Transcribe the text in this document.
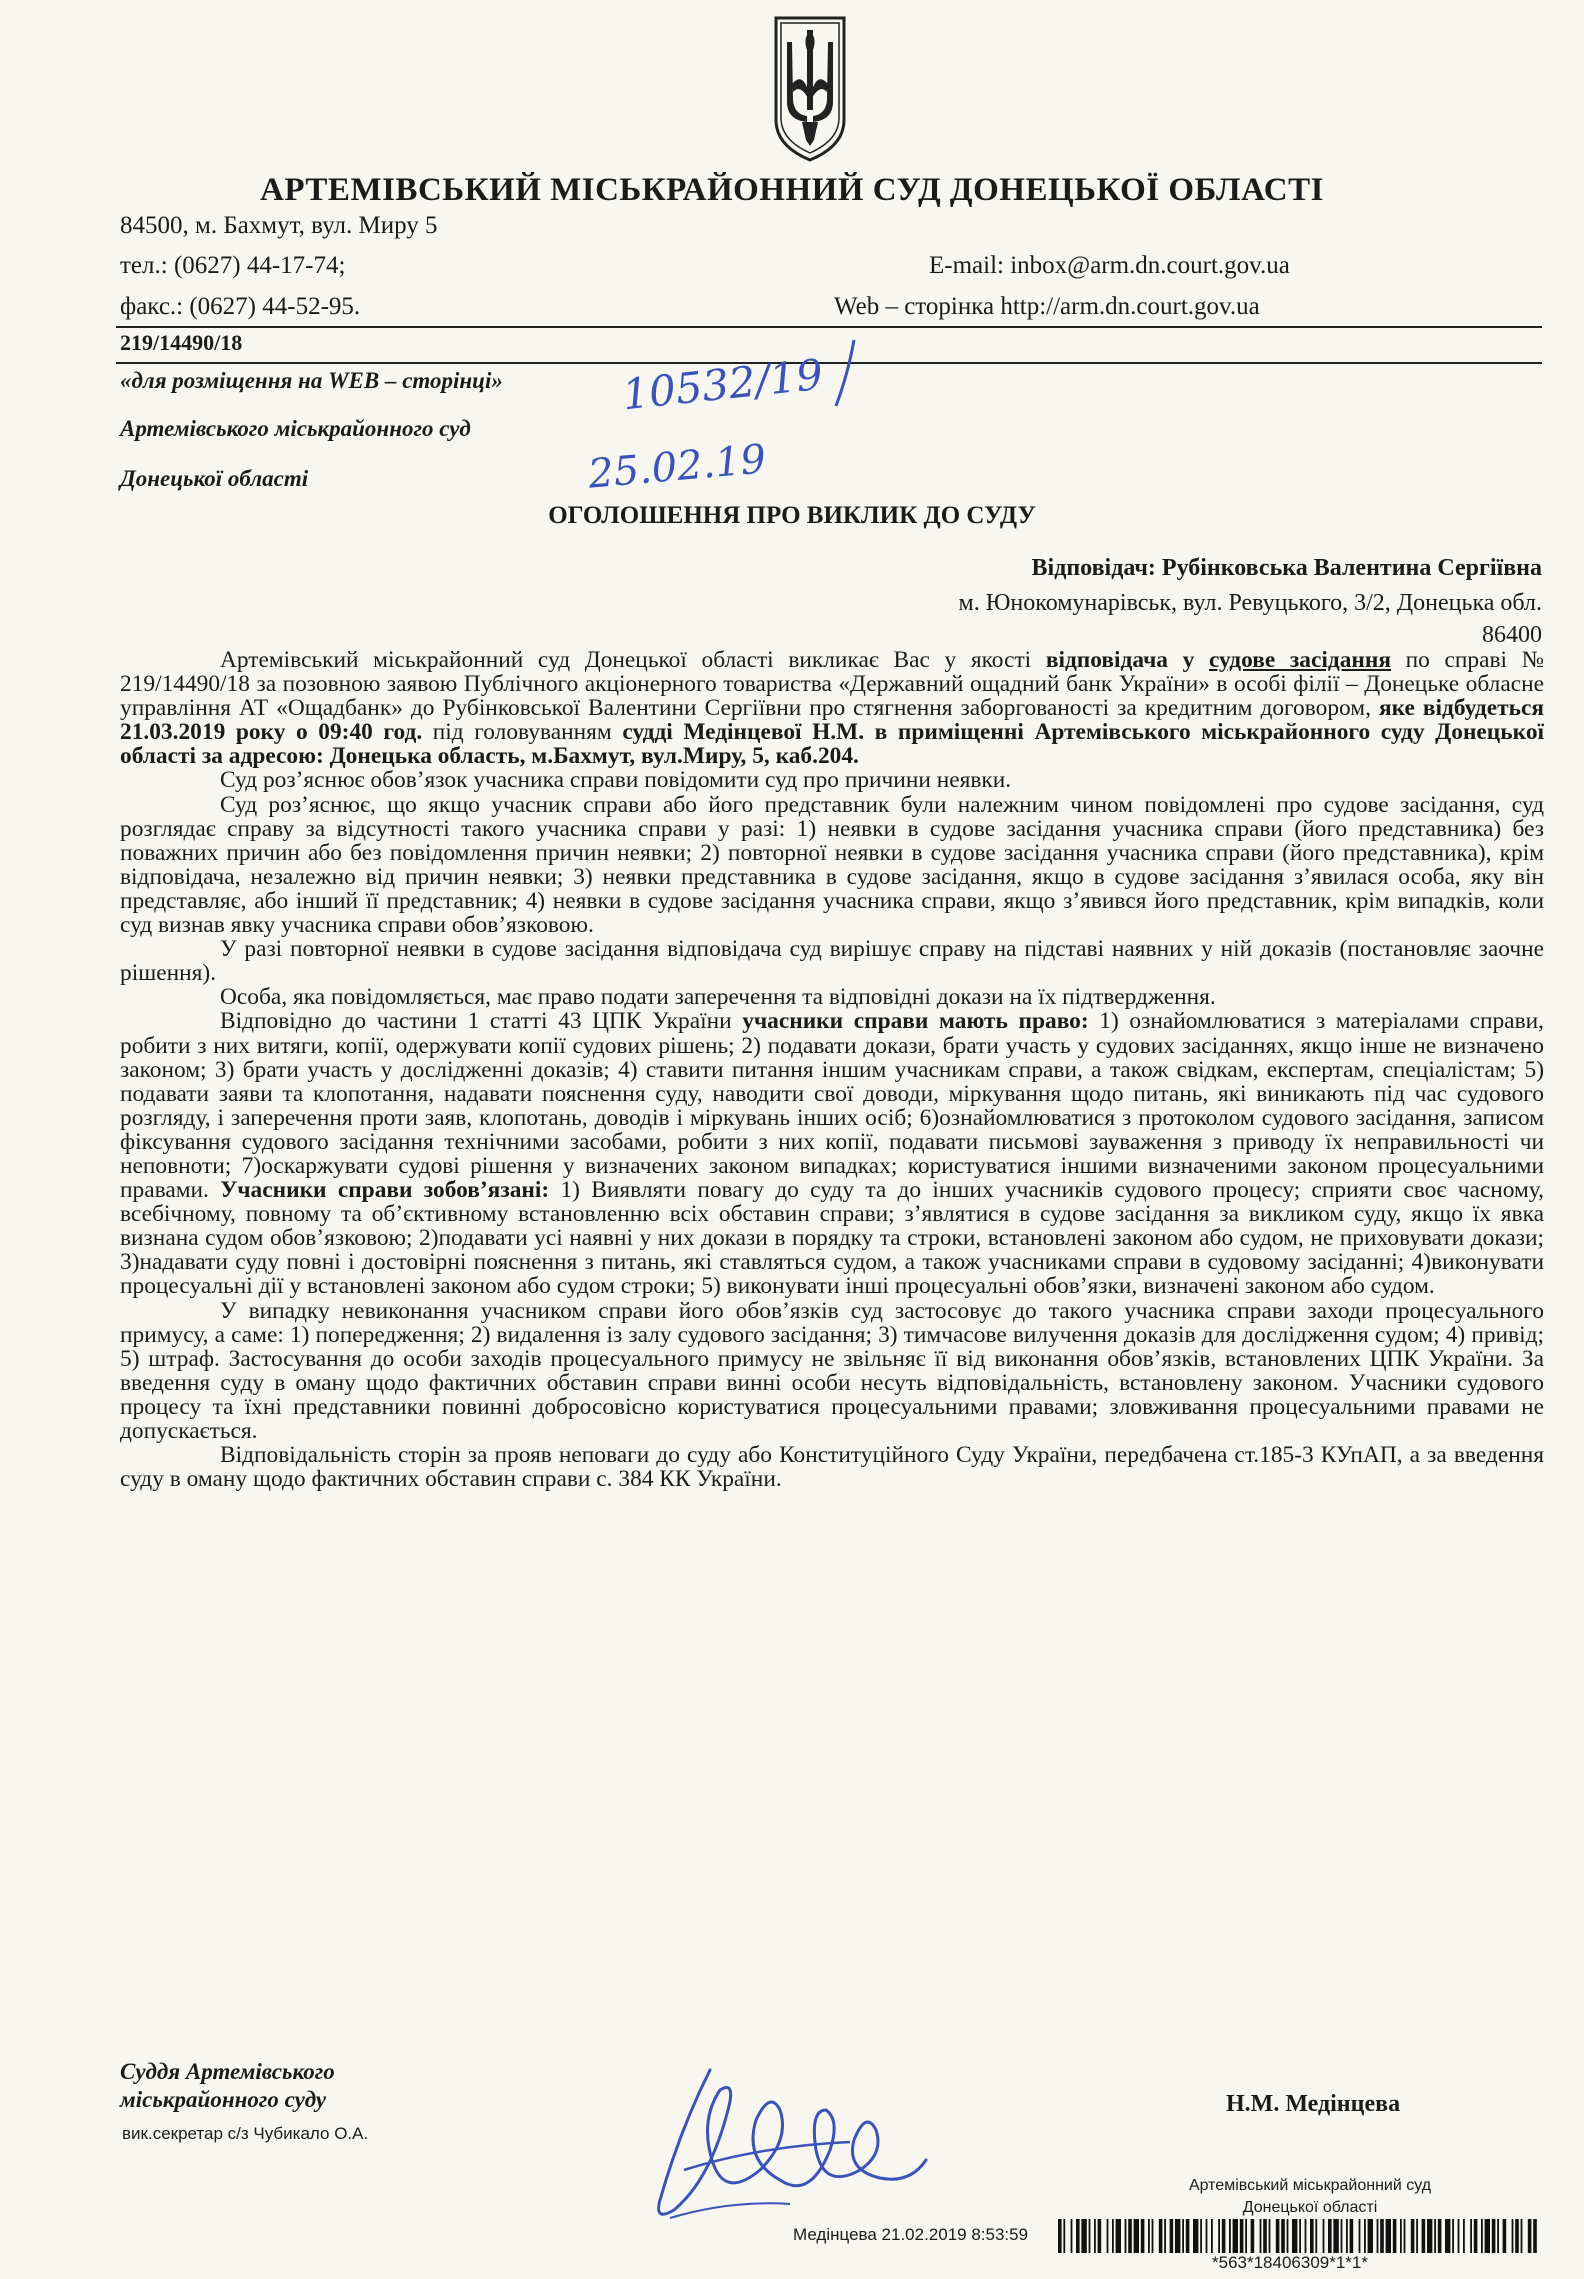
АРТЕМІВСЬКИЙ МІСЬКРАЙОННИЙ СУД ДОНЕЦЬКОЇ ОБЛАСТІ
84500, м. Бахмут, вул. Миру 5
тел.: (0627) 44-17-74;	E-mail: inbox@arm.dn.court.gov.ua
факс.: (0627) 44-52-95.	Web – сторінка http://arm.dn.court.gov.ua
219/14490/18
«для розміщення на WEB – сторінці»
Артемівського міськрайонного суд
Донецької області
10532/19
25.02.19
ОГОЛОШЕННЯ ПРО ВИКЛИК ДО СУДУ
Відповідач: Рубінковська Валентина Сергіївна
м. Юнокомунарівськ, вул. Ревуцького, 3/2, Донецька обл.
86400

Артемівський міськрайонний суд Донецької області викликає Вас у якості відповідача у судове засідання по справі № 219/14490/18 за позовною заявою Публічного акціонерного товариства «Державний ощадний банк України» в особі філії – Донецьке обласне управління АТ «Ощадбанк» до Рубінковської Валентини Сергіївни про стягнення заборгованості за кредитним договором, яке відбудеться 21.03.2019 року о 09:40 год. під головуванням судді Медінцевої Н.М. в приміщенні Артемівського міськрайонного суду Донецької області за адресою: Донецька область, м.Бахмут, вул.Миру, 5, каб.204.

Суд роз’яснює обов’язок учасника справи повідомити суд про причини неявки.

Суд роз’яснює, що якщо учасник справи або його представник були належним чином повідомлені про судове засідання, суд розглядає справу за відсутності такого учасника справи у разі: 1) неявки в судове засідання учасника справи (його представника) без поважних причин або без повідомлення причин неявки; 2) повторної неявки в судове засідання учасника справи (його представника), крім відповідача, незалежно від причин неявки; 3) неявки представника в судове засідання, якщо в судове засідання з’явилася особа, яку він представляє, або інший її представник; 4) неявки в судове засідання учасника справи, якщо з’явився його представник, крім випадків, коли суд визнав явку учасника справи обов’язковою.

У разі повторної неявки в судове засідання відповідача суд вирішує справу на підставі наявних у ній доказів (постановляє заочне рішення).

Особа, яка повідомляється, має право подати заперечення та відповідні докази на їх підтвердження.

Відповідно до частини 1 статті 43 ЦПК України учасники справи мають право: 1) ознайомлюватися з матеріалами справи, робити з них витяги, копії, одержувати копії судових рішень; 2) подавати докази, брати участь у судових засіданнях, якщо інше не визначено законом; 3) брати участь у дослідженні доказів; 4) ставити питання іншим учасникам справи, а також свідкам, експертам, спеціалістам; 5) подавати заяви та клопотання, надавати пояснення суду, наводити свої доводи, міркування щодо питань, які виникають під час судового розгляду, і заперечення проти заяв, клопотань, доводів і міркувань інших осіб; 6)ознайомлюватися з протоколом судового засідання, записом фіксування судового засідання технічними засобами, робити з них копії, подавати письмові зауваження з приводу їх неправильності чи неповноти; 7)оскаржувати судові рішення у визначених законом випадках; користуватися іншими визначеними законом процесуальними правами. Учасники справи зобов’язані: 1) Виявляти повагу до суду та до інших учасників судового процесу; сприяти своє часному, всебічному, повному та об’єктивному встановленню всіх обставин справи; з’являтися в судове засідання за викликом суду, якщо їх явка визнана судом обов’язковою; 2)подавати усі наявні у них докази в порядку та строки, встановлені законом або судом, не приховувати докази; 3)надавати суду повні і достовірні пояснення з питань, які ставляться судом, а також учасниками справи в судовому засіданні; 4)виконувати процесуальні дії у встановлені законом або судом строки; 5) виконувати інші процесуальні обов’язки, визначені законом або судом.

У випадку невиконання учасником справи його обов’язків суд застосовує до такого учасника справи заходи процесуального примусу, а саме: 1) попередження; 2) видалення із залу судового засідання; 3) тимчасове вилучення доказів для дослідження судом; 4) привід; 5) штраф. Застосування до особи заходів процесуального примусу не звільняє її від виконання обов’язків, встановлених ЦПК України. За введення суду в оману щодо фактичних обставин справи винні особи несуть відповідальність, встановлену законом. Учасники судового процесу та їхні представники повинні добросовісно користуватися процесуальними правами; зловживання процесуальними правами не допускається.

Відповідальність сторін за прояв неповаги до суду або Конституційного Суду України, передбачена ст.185-3 КУпАП, а за введення суду в оману щодо фактичних обставин справи с. 384 КК України.

Суддя Артемівського
міськрайонного суду
вик.секретар с/з Чубикало О.А.
Н.М. Медінцева
Артемівський міськрайонний суд
Донецької області
Медінцева 21.02.2019 8:53:59
*563*18406309*1*1*
